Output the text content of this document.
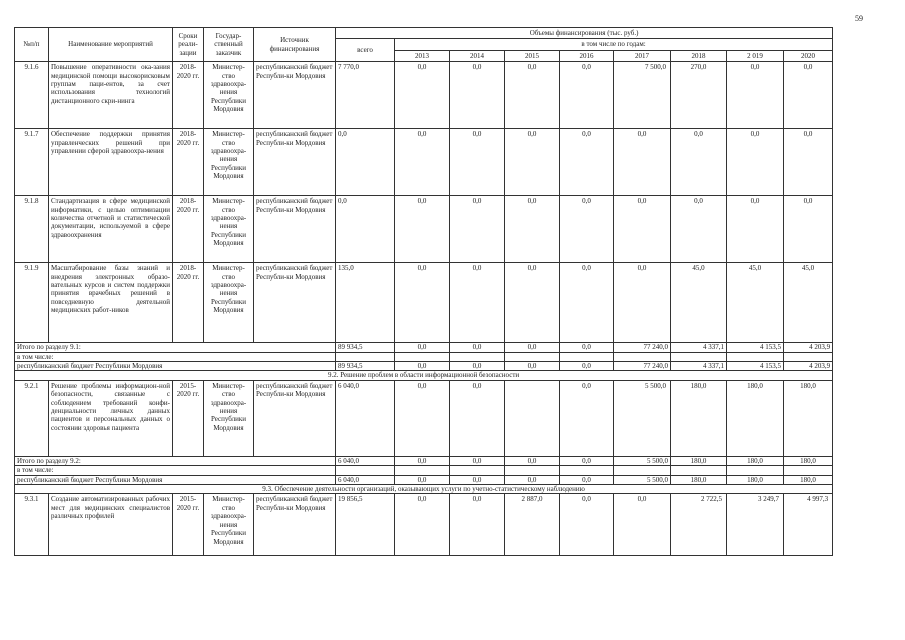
59
№п/п	Наименование мероприятий	Сроки реали-зации	Государ-ственный заказчик	Источник финансирования	Объемы финансирования (тыс. руб.)								
					всего	в том числе по годам:							
						2013	2014	2015	2016	2017	2018	2 019	2020
9.1.6	Повышение оперативности ока-зания медицинской помощи высокорисковым группам паци-ентов, за счет использования технологий дистанционного скри-нинга	2018-2020 гг.	Министер-ство здравоохра-нения Республики Мордовия	республиканский бюджет Республи-ки Мордовия	7 770,0	0,0	0,0	0,0	0,0	7 500,0	270,0	0,0	0,0
9.1.7	Обеспечение поддержки принятия управленческих решений при управлении сферой здравоохра-нения	2018-2020 гг.	Министер-ство здравоохра-нения Республики Мордовия	республиканский бюджет Республи-ки Мордовия	0,0	0,0	0,0	0,0	0,0	0,0	0,0	0,0	0,0
9.1.8	Стандартизация в сфере медицинской информатики, с целью оптимизации количества отчетной и статистической документации, используемой в сфере здравоохранения	2018-2020 гг.	Министер-ство здравоохра-нения Республики Мордовия	республиканский бюджет Республи-ки Мордовия	0,0	0,0	0,0	0,0	0,0	0,0	0,0	0,0	0,0
9.1.9	Масштабирование базы знаний и внедрения электронных образо-вательных курсов и систем поддержки принятия врачебных решений в повседневную деятельной медицинских работ-ников	2018-2020 гг.	Министер-ство здравоохра-нения Республики Мордовия	республиканский бюджет Республи-ки Мордовия	135,0	0,0	0,0	0,0	0,0	0,0	45,0	45,0	45,0
Итого по разделу 9.1:					89 934,5	0,0	0,0	0,0	0,0	77 240,0	4 337,1	4 153,5	4 203,9
в том числе:													
республиканский бюджет Республики Мордовия					89 934,5	0,0	0,0	0,0	0,0	77 240,0	4 337,1	4 153,5	4 203,9
9.2. Решение проблем в области информационной безопасности													
9.2.1	Решение проблемы информацион-ной безопасности, связанные с соблюдением требований конфи-денциальности личных данных пациентов и персональных данных о состоянии здоровья пациента	2015-2020 гг.	Министер-ство здравоохра-нения Республики Мордовия	республиканский бюджет Республи-ки Мордовия	6 040,0	0,0	0,0		0,0	5 500,0	180,0	180,0	180,0
Итого по разделу 9.2:					6 040,0	0,0	0,0	0,0	0,0	5 500,0	180,0	180,0	180,0
в том числе:													
республиканский бюджет Республики Мордовия					6 040,0	0,0	0,0	0,0	0,0	5 500,0	180,0	180,0	180,0
9.3. Обеспечение деятельности организаций, оказывающих услуги по учетно-статистическому наблюдению													
9.3.1	Создание автоматизированных рабочих мест для медицинских специалистов различных профилей	2015-2020 гг.	Министер-ство здравоохра-нения Республики Мордовия	республиканский бюджет Республи-ки Мордовия	19 856,5	0,0	0,0	2 887,0	0,0	0,0	2 722,5	3 249,7	4 997,3
